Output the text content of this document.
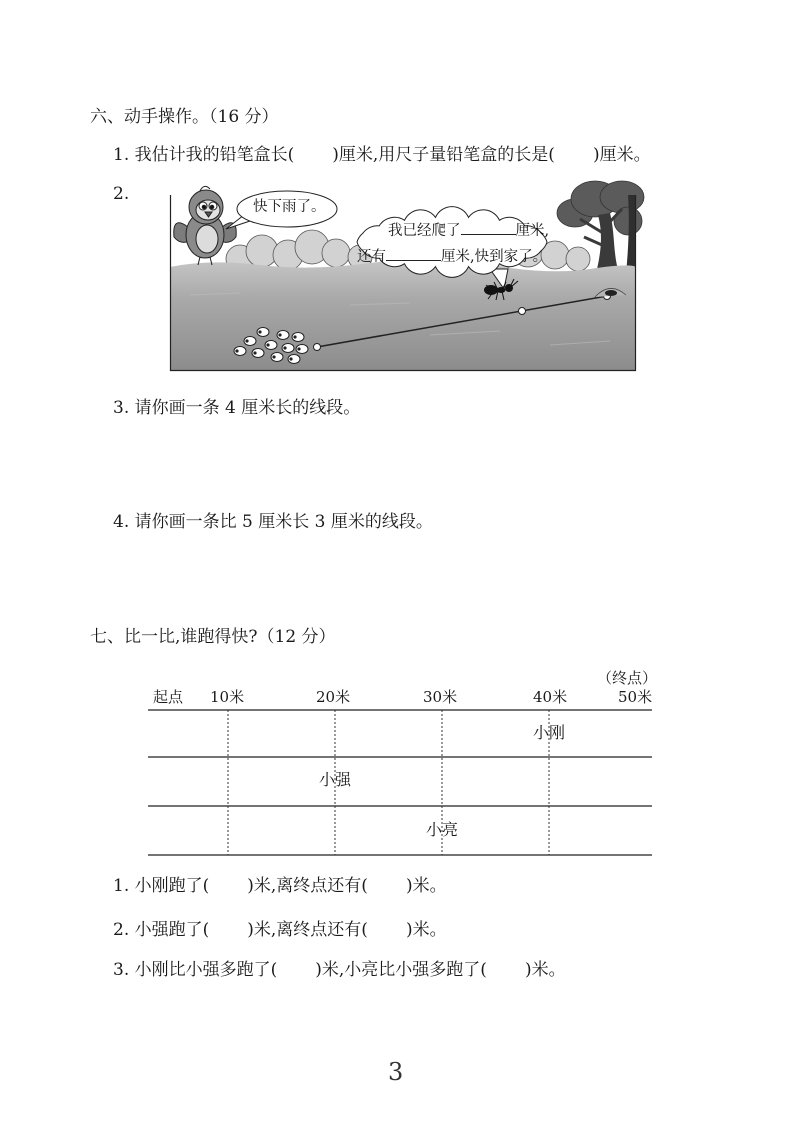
六、动手操作。（16 分）
1. 我估计我的铅笔盒长( )厘米,用尺子量铅笔盒的长是( )厘米。
2.
快下雨了。
我已经爬了	厘米,
还有	厘米,快到家了。
3. 请你画一条 4 厘米长的线段。
4. 请你画一条比 5 厘米长 3 厘米的线段。
七、比一比,谁跑得快?（12 分）
（终点）
起点 10米	20米	30米	40米	50米
小刚
小强
小亮
1. 小刚跑了( )米,离终点还有( )米。
2. 小强跑了( )米,离终点还有( )米。
3. 小刚比小强多跑了( )米,小亮比小强多跑了( )米。
3
